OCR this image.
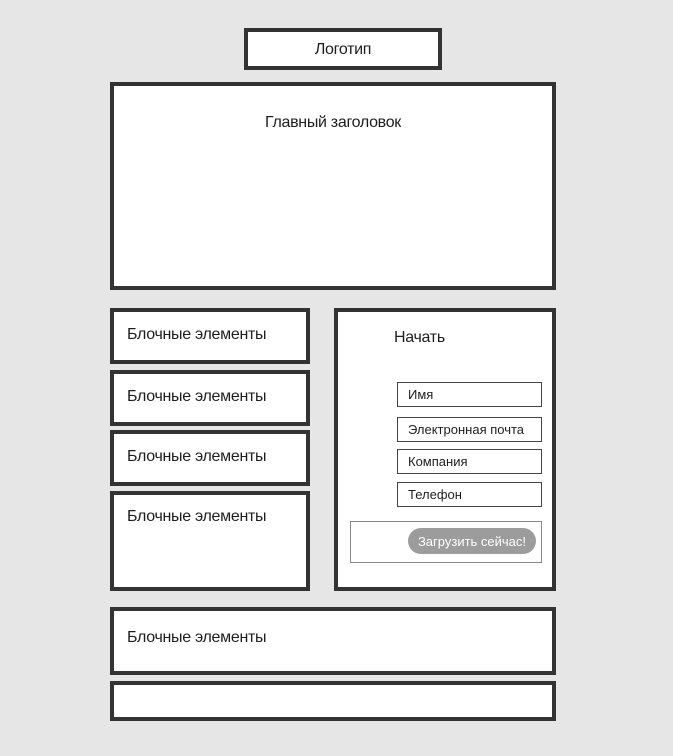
Логотип
Главный заголовок
Блочные элементы
Блочные элементы
Блочные элементы
Блочные элементы
Начать
Имя
Электронная почта
Компания
Телефон
Загрузить сейчас!
Блочные элементы
